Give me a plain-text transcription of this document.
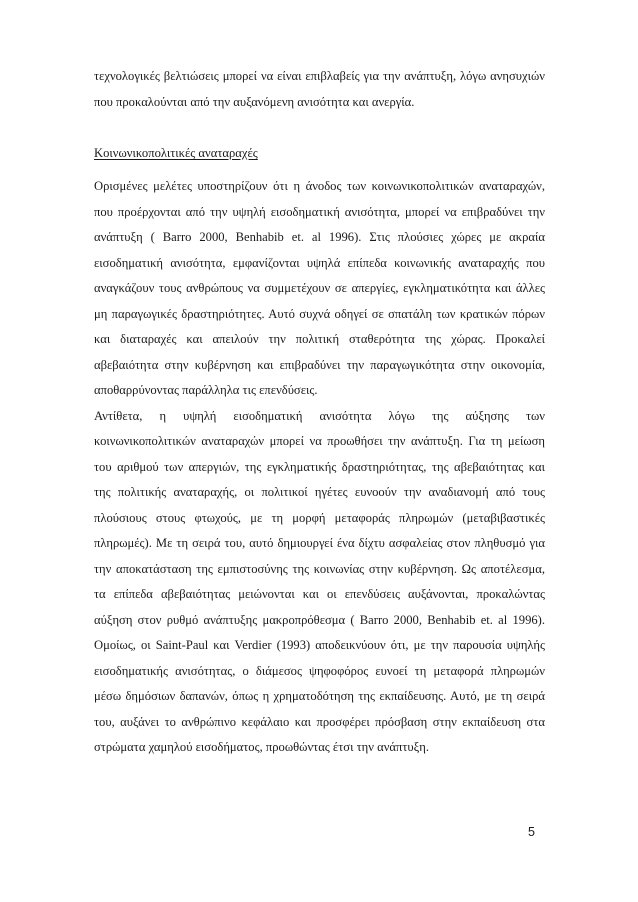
τεχνολογικές βελτιώσεις μπορεί να είναι επιβλαβείς για την ανάπτυξη, λόγω ανησυχιών
που προκαλούνται από την αυξανόμενη ανισότητα και ανεργία.
Κοινωνικοπολιτικές αναταραχές
Ορισμένες μελέτες υποστηρίζουν ότι η άνοδος των κοινωνικοπολιτικών αναταραχών,
που προέρχονται από την υψηλή εισοδηματική ανισότητα, μπορεί να επιβραδύνει την
ανάπτυξη ( Barro 2000, Benhabib et. al 1996). Στις πλούσιες χώρες με ακραία
εισοδηματική ανισότητα, εμφανίζονται υψηλά επίπεδα κοινωνικής αναταραχής που
αναγκάζουν τους ανθρώπους να συμμετέχουν σε απεργίες, εγκληματικότητα και άλλες
μη παραγωγικές δραστηριότητες. Αυτό συχνά οδηγεί σε σπατάλη των κρατικών πόρων
και διαταραχές και απειλούν την πολιτική σταθερότητα της χώρας. Προκαλεί
αβεβαιότητα στην κυβέρνηση και επιβραδύνει την παραγωγικότητα στην οικονομία,
αποθαρρύνοντας παράλληλα τις επενδύσεις.
Αντίθετα, η υψηλή εισοδηματική ανισότητα λόγω της αύξησης των
κοινωνικοπολιτικών αναταραχών μπορεί να προωθήσει την ανάπτυξη. Για τη μείωση
του αριθμού των απεργιών, της εγκληματικής δραστηριότητας, της αβεβαιότητας και
της πολιτικής αναταραχής, οι πολιτικοί ηγέτες ευνοούν την αναδιανομή από τους
πλούσιους στους φτωχούς, με τη μορφή μεταφοράς πληρωμών (μεταβιβαστικές
πληρωμές). Με τη σειρά του, αυτό δημιουργεί ένα δίχτυ ασφαλείας στον πληθυσμό για
την αποκατάσταση της εμπιστοσύνης της κοινωνίας στην κυβέρνηση. Ως αποτέλεσμα,
τα επίπεδα αβεβαιότητας μειώνονται και οι επενδύσεις αυξάνονται, προκαλώντας
αύξηση στον ρυθμό ανάπτυξης μακροπρόθεσμα ( Barro 2000, Benhabib et. al 1996).
Ομοίως, οι Saint-Paul και Verdier (1993) αποδεικνύουν ότι, με την παρουσία υψηλής
εισοδηματικής ανισότητας, ο διάμεσος ψηφοφόρος ευνοεί τη μεταφορά πληρωμών
μέσω δημόσιων δαπανών, όπως η χρηματοδότηση της εκπαίδευσης. Αυτό, με τη σειρά
του, αυξάνει το ανθρώπινο κεφάλαιο και προσφέρει πρόσβαση στην εκπαίδευση στα
στρώματα χαμηλού εισοδήματος, προωθώντας έτσι την ανάπτυξη.
5
